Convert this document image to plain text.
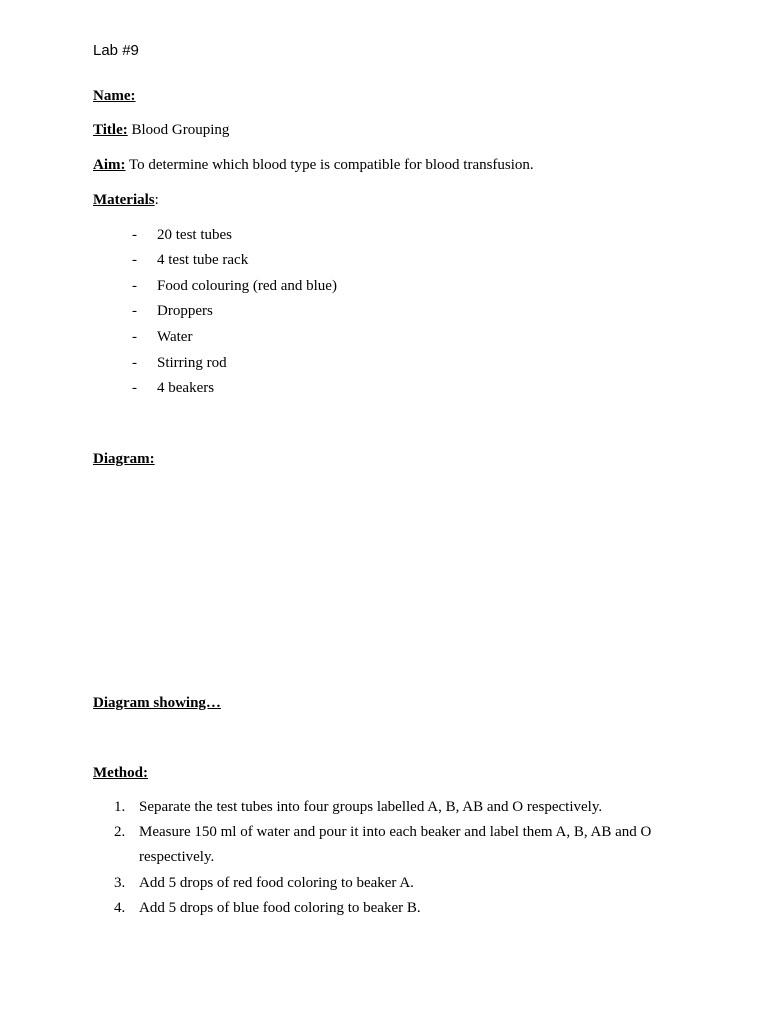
Lab #9
Name:
Title: Blood Grouping
Aim: To determine which blood type is compatible for blood transfusion.
Materials:
- 20 test tubes
- 4 test tube rack
- Food colouring (red and blue)
- Droppers
- Water
- Stirring rod
- 4 beakers
Diagram:
Diagram showing…
Method:
1. Separate the test tubes into four groups labelled A, B, AB and O respectively.
2. Measure 150 ml of water and pour it into each beaker and label them A, B, AB and O respectively.
3. Add 5 drops of red food coloring to beaker A.
4. Add 5 drops of blue food coloring to beaker B.
